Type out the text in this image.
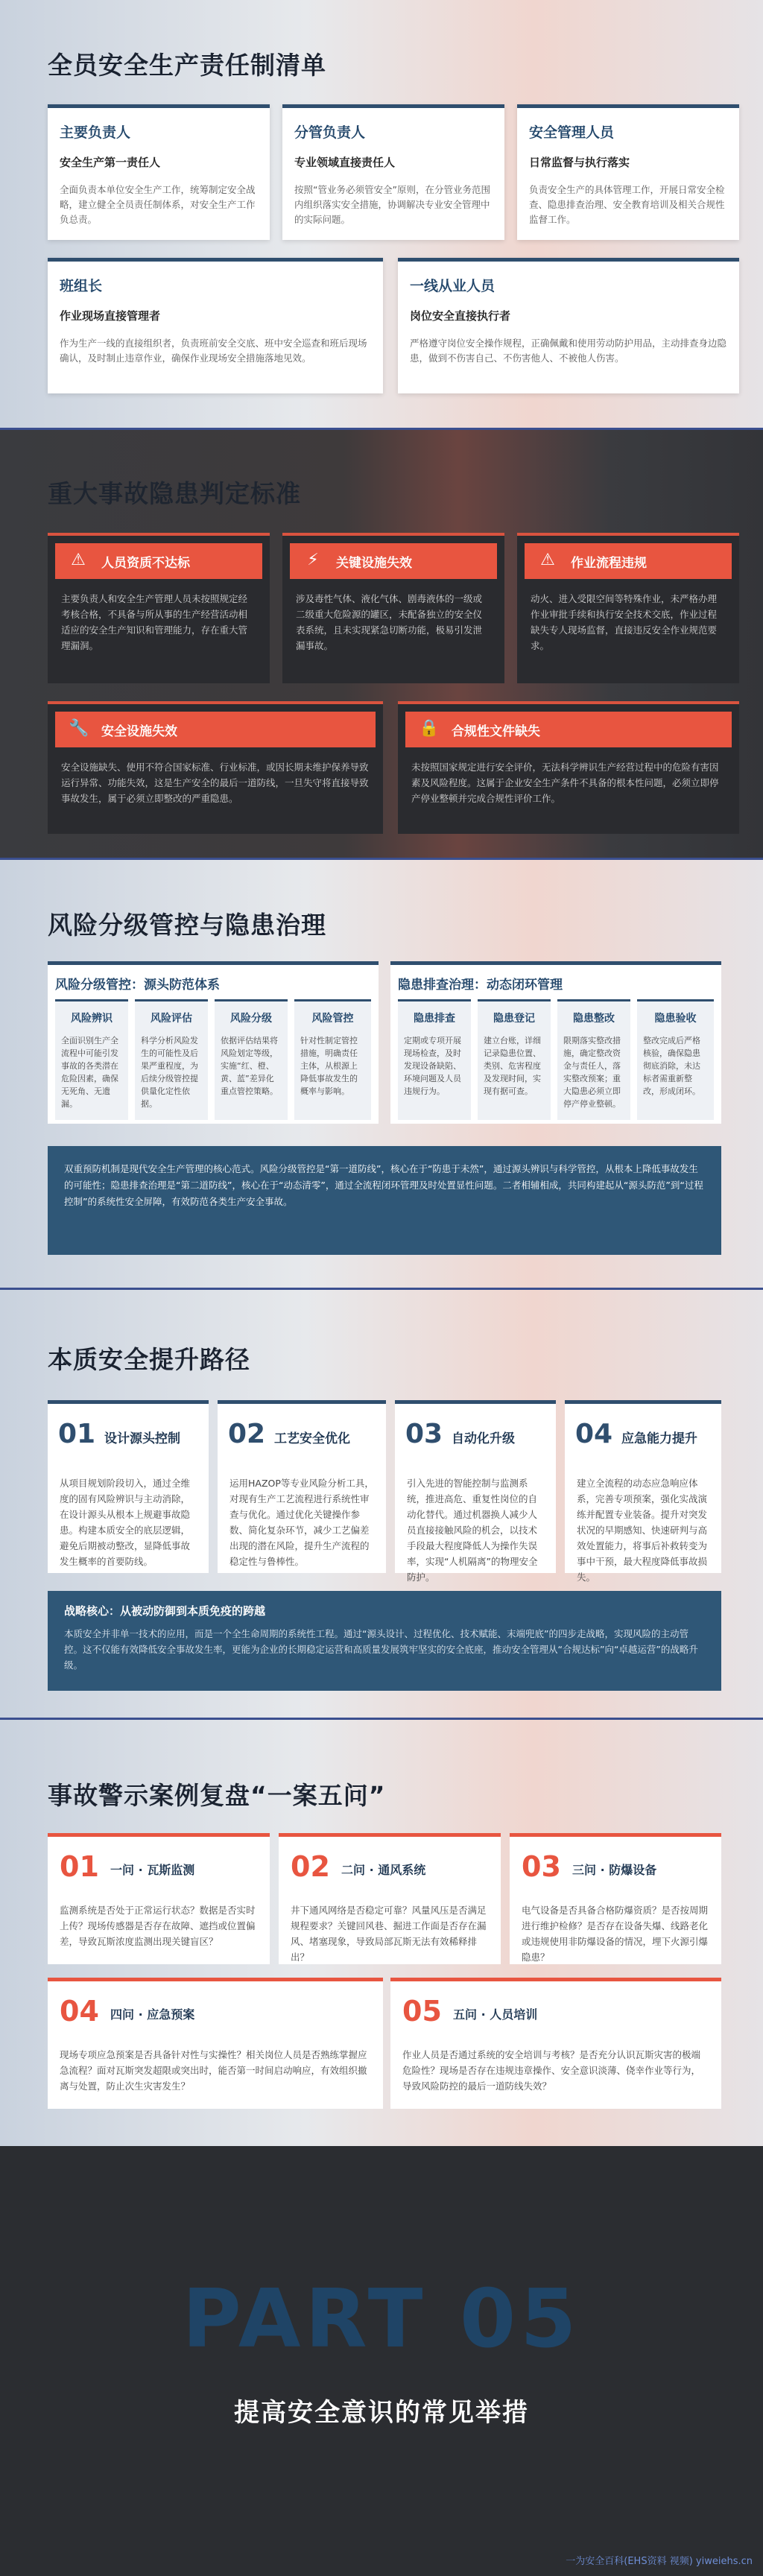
全员安全生产责任制清单
主要负责人
安全生产第一责任人
全面负责本单位安全生产工作，统筹制定安全战略，建立健全全员责任制体系，对安全生产工作负总责。
分管负责人
专业领域直接责任人
按照“管业务必须管安全”原则，在分管业务范围内组织落实安全措施，协调解决专业安全管理中的实际问题。
安全管理人员
日常监督与执行落实
负责安全生产的具体管理工作，开展日常安全检查、隐患排查治理、安全教育培训及相关合规性监督工作。
班组长
作业现场直接管理者
作为生产一线的直接组织者，负责班前安全交底、班中安全巡查和班后现场确认，及时制止违章作业，确保作业现场安全措施落地见效。
一线从业人员
岗位安全直接执行者
严格遵守岗位安全操作规程，正确佩戴和使用劳动防护用品，主动排查身边隐患，做到不伤害自己、不伤害他人、不被他人伤害。
重大事故隐患判定标准
⚠ 人员资质不达标
主要负责人和安全生产管理人员未按照规定经考核合格，不具备与所从事的生产经营活动相适应的安全生产知识和管理能力，存在重大管理漏洞。
⚡	关键设施失效
涉及毒性气体、液化气体、剧毒液体的一级或二级重大危险源的罐区，未配备独立的安全仪表系统，且未实现紧急切断功能，极易引发泄漏事故。
⚠ 作业流程违规
动火、进入受限空间等特殊作业，未严格办理作业审批手续和执行安全技术交底，作业过程缺失专人现场监督，直接违反安全作业规范要求。
🔧 安全设施失效
安全设施缺失、使用不符合国家标准、行业标准，或因长期未维护保养导致运行异常、功能失效，这是生产安全的最后一道防线，一旦失守将直接导致事故发生，属于必须立即整改的严重隐患。
🔒 合规性文件缺失
未按照国家规定进行安全评价，无法科学辨识生产经营过程中的危险有害因素及风险程度。这属于企业安全生产条件不具备的根本性问题，必须立即停产停业整顿并完成合规性评价工作。
风险分级管控与隐患治理
风险分级管控：源头防范体系
风险辨识
全面识别生产全流程中可能引发事故的各类潜在危险因素，确保无死角、无遗漏。
风险评估
科学分析风险发生的可能性及后果严重程度，为后续分级管控提供量化定性依据。
风险分级
依据评估结果将风险划定等级，实施“红、橙、黄、蓝”差异化重点管控策略。
风险管控
针对性制定管控措施，明确责任主体，从根源上降低事故发生的概率与影响。
隐患排查治理：动态闭环管理
隐患排查
定期或专项开展现场检查，及时发现设备缺陷、环境问题及人员违规行为。
隐患登记
建立台账，详细记录隐患位置、类别、危害程度及发现时间，实现有据可查。
隐患整改
限期落实整改措施，确定整改资金与责任人，落实整改预案；重大隐患必须立即停产停业整顿。
隐患验收
整改完成后严格核验，确保隐患彻底消除，未达标者需重新整改，形成闭环。
双重预防机制是现代安全生产管理的核心范式。风险分级管控是“第一道防线”，核心在于“防患于未然”，通过源头辨识与科学管控，从根本上降低事故发生的可能性；隐患排查治理是“第二道防线”，核心在于“动态清零”，通过全流程闭环管理及时处置显性问题。二者相辅相成，共同构建起从“源头防范”到“过程控制”的系统性安全屏障，有效防范各类生产安全事故。
本质安全提升路径
01 设计源头控制
从项目规划阶段切入，通过全维度的固有风险辨识与主动消除，在设计源头从根本上规避事故隐患。构建本质安全的底层逻辑，避免后期被动整改，显降低事故发生概率的首要防线。
02 工艺安全优化
运用HAZOP等专业风险分析工具，对现有生产工艺流程进行系统性审查与优化。通过优化关键操作参数、简化复杂环节，减少工艺偏差出现的潜在风险，提升生产流程的稳定性与鲁棒性。
03 自动化升级
引入先进的智能控制与监测系统，推进高危、重复性岗位的自动化替代。通过机器换人减少人员直接接触风险的机会，以技术手段最大程度降低人为操作失误率，实现“人机隔离”的物理安全防护。
04 应急能力提升
建立全流程的动态应急响应体系，完善专项预案，强化实战演练并配置专业装备。提升对突发状况的早期感知、快速研判与高效处置能力，将事后补救转变为事中干预，最大程度降低事故损失。
战略核心：从被动防御到本质免疫的跨越
本质安全并非单一技术的应用，而是一个全生命周期的系统性工程。通过“源头设计、过程优化、技术赋能、末端兜底”的四步走战略，实现风险的主动管控。这不仅能有效降低安全事故发生率，更能为企业的长期稳定运营和高质量发展筑牢坚实的安全底座，推动安全管理从“合规达标”向“卓越运营”的战略升级。
事故警示案例复盘“一案五问”
01 一问 · 瓦斯监测
监测系统是否处于正常运行状态？数据是否实时上传？现场传感器是否存在故障、遮挡或位置偏差，导致瓦斯浓度监测出现关键盲区？
02 二问 · 通风系统
井下通风网络是否稳定可靠？风量风压是否满足规程要求？关键回风巷、掘进工作面是否存在漏风、堵塞现象，导致局部瓦斯无法有效稀释排出？
03 三问 · 防爆设备
电气设备是否具备合格防爆资质？是否按周期进行维护检修？是否存在设备失爆、线路老化或违规使用非防爆设备的情况，埋下火源引爆隐患？
04 四问 · 应急预案
现场专项应急预案是否具备针对性与实操性？相关岗位人员是否熟练掌握应急流程？面对瓦斯突发超限或突出时，能否第一时间启动响应，有效组织撤离与处置，防止次生灾害发生？
05 五问 · 人员培训
作业人员是否通过系统的安全培训与考核？是否充分认识瓦斯灾害的极端危险性？现场是否存在违规违章操作、安全意识淡薄、侥幸作业等行为，导致风险防控的最后一道防线失效？
PART 05
提高安全意识的常见举措
一为安全百科(EHS资料 视频) yiweiehs.cn
